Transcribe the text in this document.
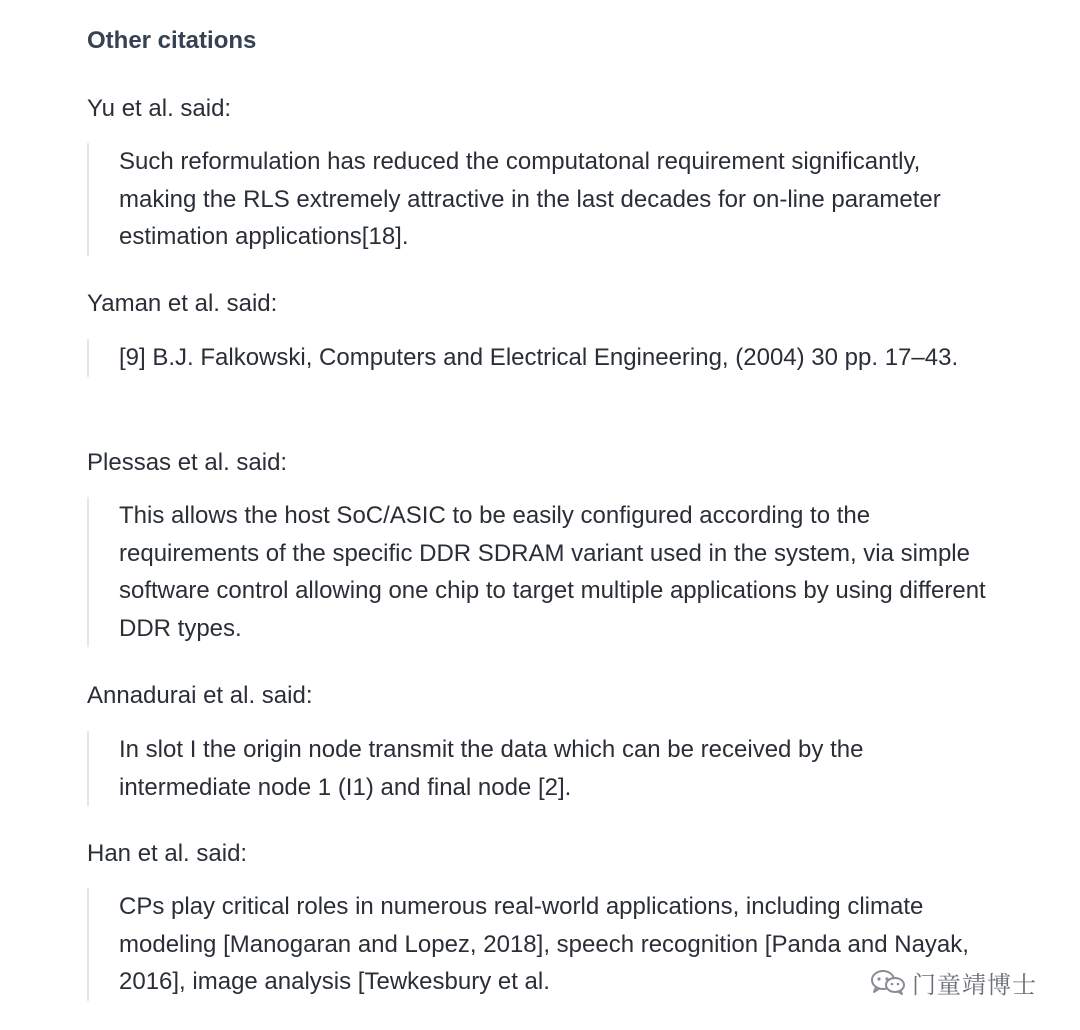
Other citations
Yu et al. said:
Such reformulation has reduced the computatonal requirement significantly, making the RLS extremely attractive in the last decades for on-line parameter estimation applications[18].
Yaman et al. said:
[9] B.J. Falkowski, Computers and Electrical Engineering, (2004) 30 pp. 17–43.
Plessas et al. said:
This allows the host SoC/ASIC to be easily configured according to the requirements of the specific DDR SDRAM variant used in the system, via simple software control allowing one chip to target multiple applications by using different DDR types.
Annadurai et al. said:
In slot I the origin node transmit the data which can be received by the intermediate node 1 (I1) and final node [2].
Han et al. said:
CPs play critical roles in numerous real-world applications, including climate modeling [Manogaran and Lopez, 2018], speech recognition [Panda and Nayak, 2016], image analysis [Tewkesbury et al.	门童靖博士
